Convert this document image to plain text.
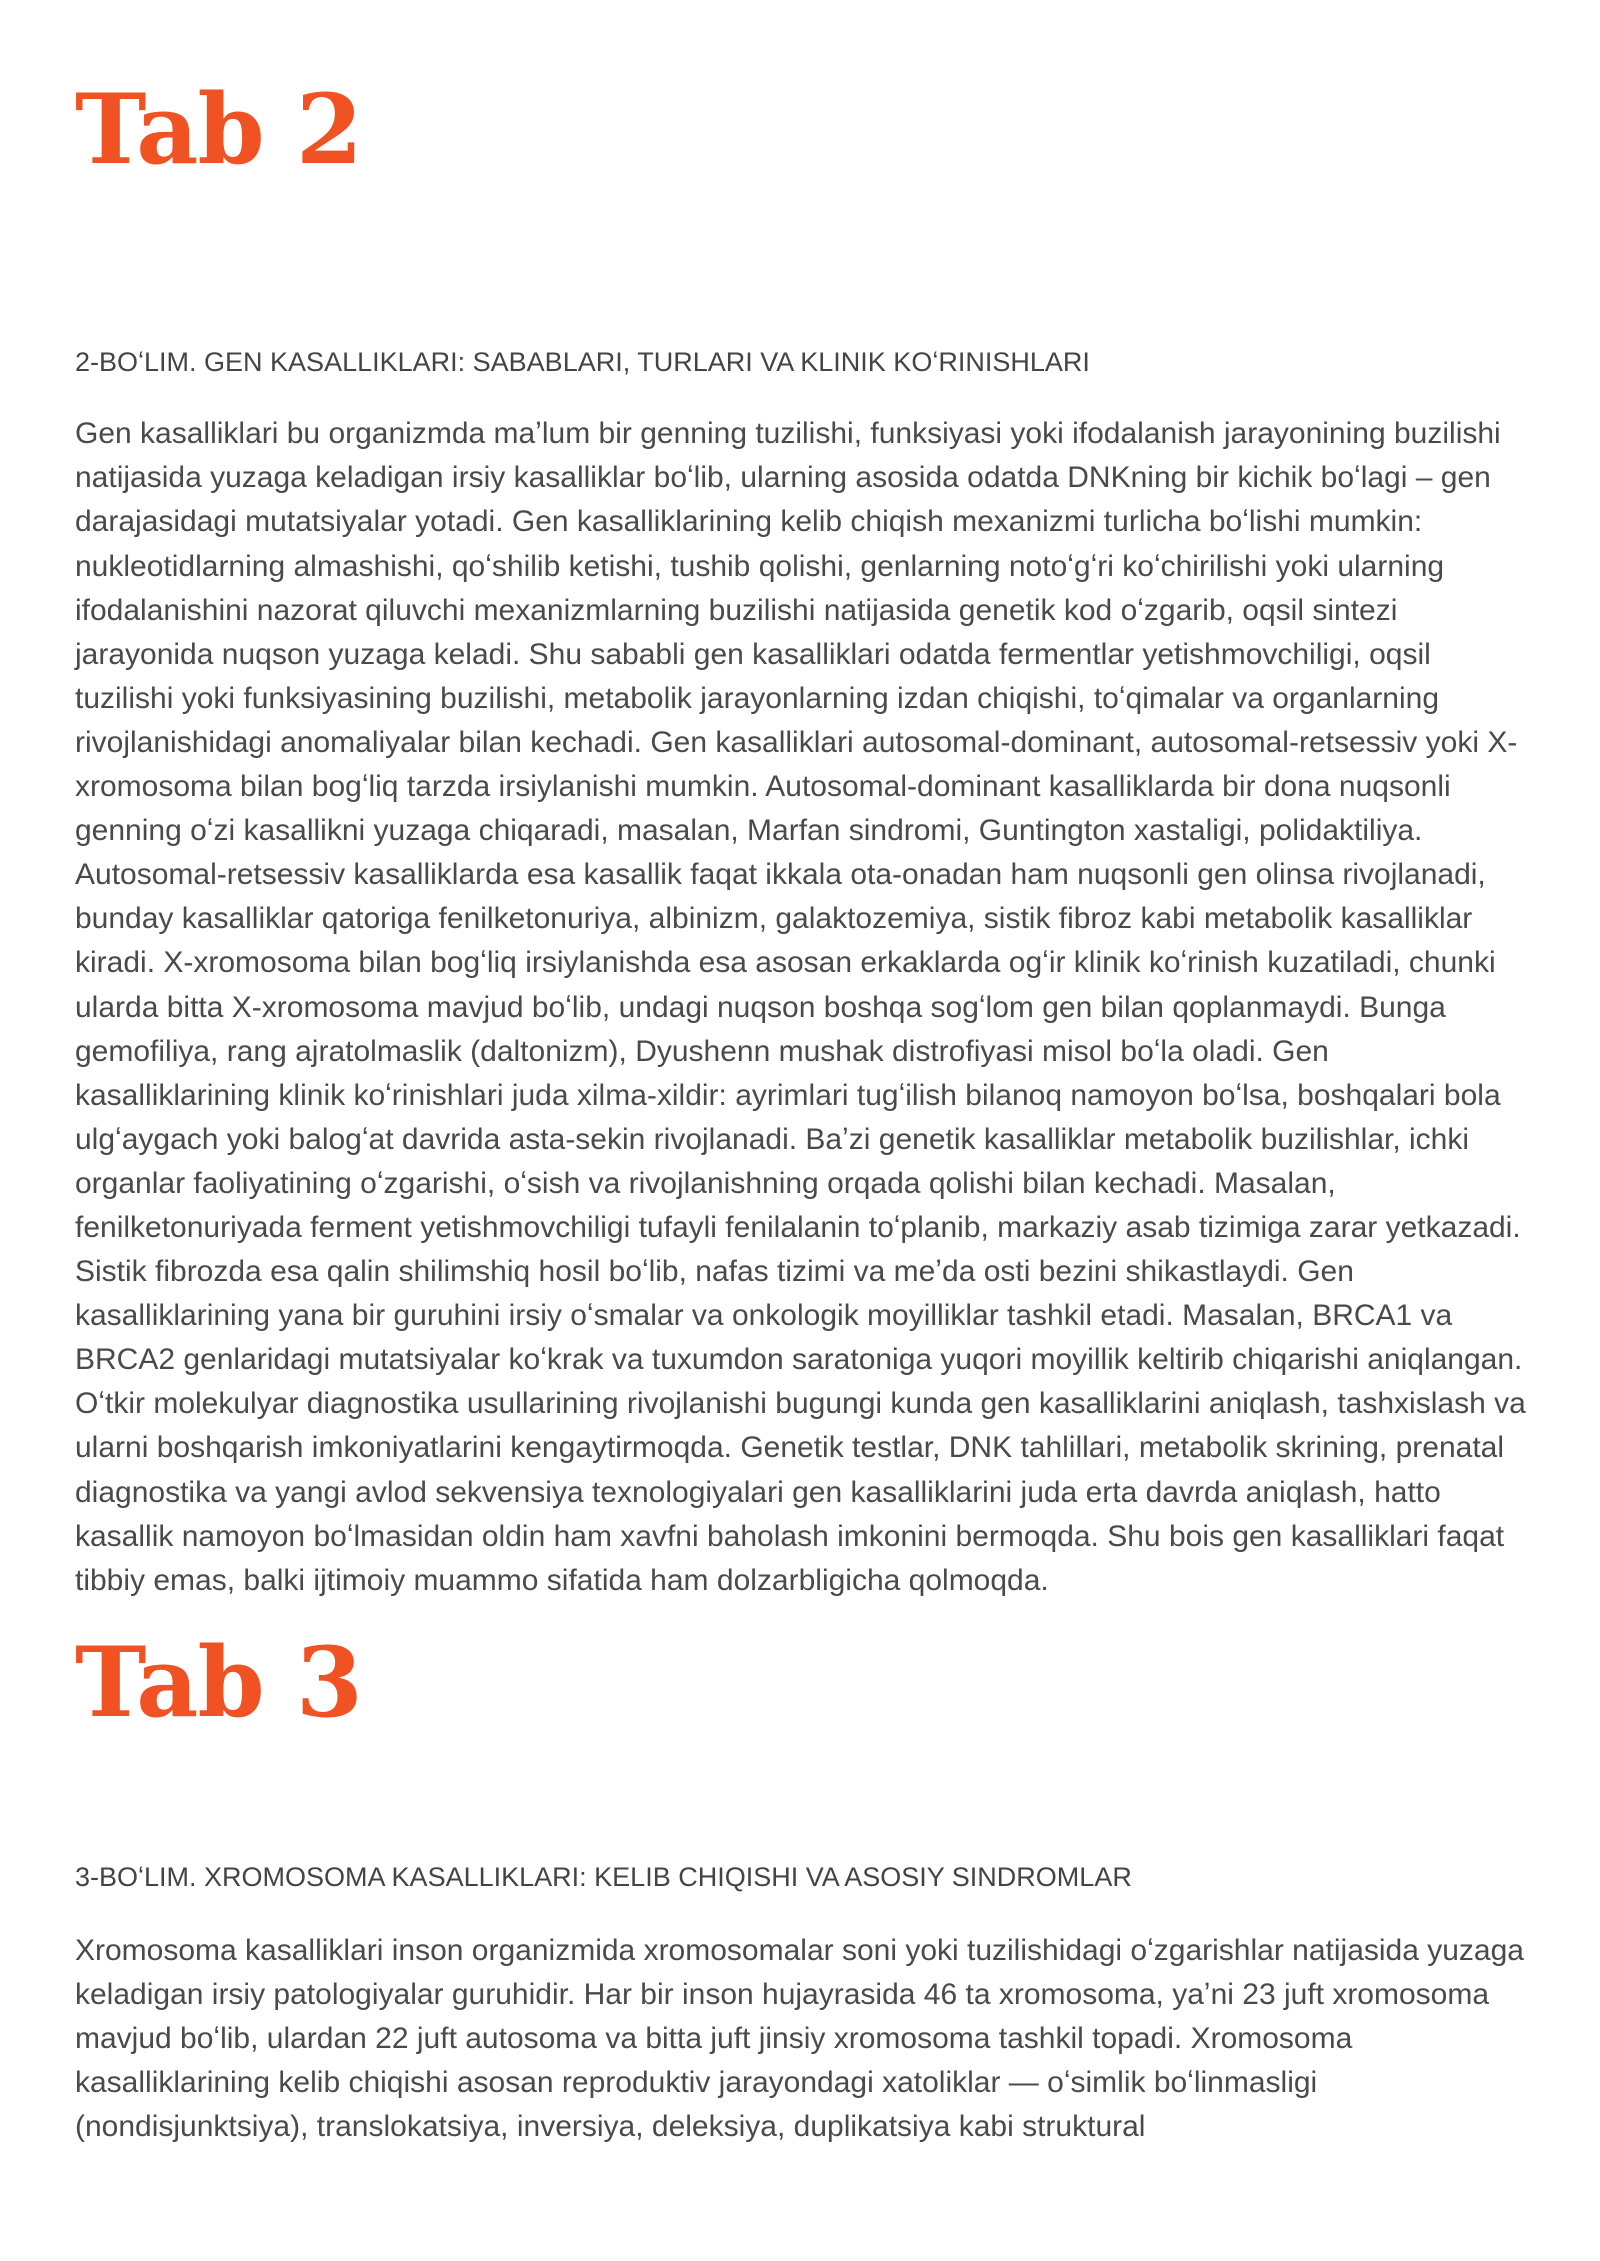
Tab 2
2-BOʻLIM. GEN KASALLIKLARI: SABABLARI, TURLARI VA KLINIK KOʻRINISHLARI

Gen kasalliklari bu organizmda maʼlum bir genning tuzilishi, funksiyasi yoki ifodalanish jarayonining buzilishi natijasida yuzaga keladigan irsiy kasalliklar boʻlib, ularning asosida odatda DNKning bir kichik boʻlagi – gen darajasidagi mutatsiyalar yotadi. Gen kasalliklarining kelib chiqish mexanizmi turlicha boʻlishi mumkin: nukleotidlarning almashishi, qoʻshilib ketishi, tushib qolishi, genlarning notoʻgʻri koʻchirilishi yoki ularning ifodalanishini nazorat qiluvchi mexanizmlarning buzilishi natijasida genetik kod oʻzgarib, oqsil sintezi jarayonida nuqson yuzaga keladi. Shu sababli gen kasalliklari odatda fermentlar yetishmovchiligi, oqsil tuzilishi yoki funksiyasining buzilishi, metabolik jarayonlarning izdan chiqishi, toʻqimalar va organlarning rivojlanishidagi anomaliyalar bilan kechadi. Gen kasalliklari autosomal-dominant, autosomal-retsessiv yoki X-xromosoma bilan bogʻliq tarzda irsiylanishi mumkin. Autosomal-dominant kasalliklarda bir dona nuqsonli genning oʻzi kasallikni yuzaga chiqaradi, masalan, Marfan sindromi, Guntington xastaligi, polidaktiliya. Autosomal-retsessiv kasalliklarda esa kasallik faqat ikkala ota-onadan ham nuqsonli gen olinsa rivojlanadi, bunday kasalliklar qatoriga fenilketonuriya, albinizm, galaktozemiya, sistik fibroz kabi metabolik kasalliklar kiradi. X-xromosoma bilan bogʻliq irsiylanishda esa asosan erkaklarda ogʻir klinik koʻrinish kuzatiladi, chunki ularda bitta X-xromosoma mavjud boʻlib, undagi nuqson boshqa sogʻlom gen bilan qoplanmaydi. Bunga gemofiliya, rang ajratolmaslik (daltonizm), Dyushenn mushak distrofiyasi misol boʻla oladi. Gen kasalliklarining klinik koʻrinishlari juda xilma-xildir: ayrimlari tugʻilish bilanoq namoyon boʻlsa, boshqalari bola ulgʻaygach yoki balogʻat davrida asta-sekin rivojlanadi. Baʼzi genetik kasalliklar metabolik buzilishlar, ichki organlar faoliyatining oʻzgarishi, oʻsish va rivojlanishning orqada qolishi bilan kechadi. Masalan, fenilketonuriyada ferment yetishmovchiligi tufayli fenilalanin toʻplanib, markaziy asab tizimiga zarar yetkazadi. Sistik fibrozda esa qalin shilimshiq hosil boʻlib, nafas tizimi va meʼda osti bezini shikastlaydi. Gen kasalliklarining yana bir guruhini irsiy oʻsmalar va onkologik moyilliklar tashkil etadi. Masalan, BRCA1 va BRCA2 genlaridagi mutatsiyalar koʻkrak va tuxumdon saratoniga yuqori moyillik keltirib chiqarishi aniqlangan. Oʻtkir molekulyar diagnostika usullarining rivojlanishi bugungi kunda gen kasalliklarini aniqlash, tashxislash va ularni boshqarish imkoniyatlarini kengaytirmoqda. Genetik testlar, DNK tahlillari, metabolik skrining, prenatal diagnostika va yangi avlod sekvensiya texnologiyalari gen kasalliklarini juda erta davrda aniqlash, hatto kasallik namoyon boʻlmasidan oldin ham xavfni baholash imkonini bermoqda. Shu bois gen kasalliklari faqat tibbiy emas, balki ijtimoiy muammo sifatida ham dolzarbligicha qolmoqda.

Tab 3
3-BOʻLIM. XROMOSOMA KASALLIKLARI: KELIB CHIQISHI VA ASOSIY SINDROMLAR

Xromosoma kasalliklari inson organizmida xromosomalar soni yoki tuzilishidagi oʻzgarishlar natijasida yuzaga keladigan irsiy patologiyalar guruhidir. Har bir inson hujayrasida 46 ta xromosoma, yaʼni 23 juft xromosoma mavjud boʻlib, ulardan 22 juft autosoma va bitta juft jinsiy xromosoma tashkil topadi. Xromosoma kasalliklarining kelib chiqishi asosan reproduktiv jarayondagi xatoliklar — oʻsimlik boʻlinmasligi (nondisjunktsiya), translokatsiya, inversiya, deleksiya, duplikatsiya kabi struktural
